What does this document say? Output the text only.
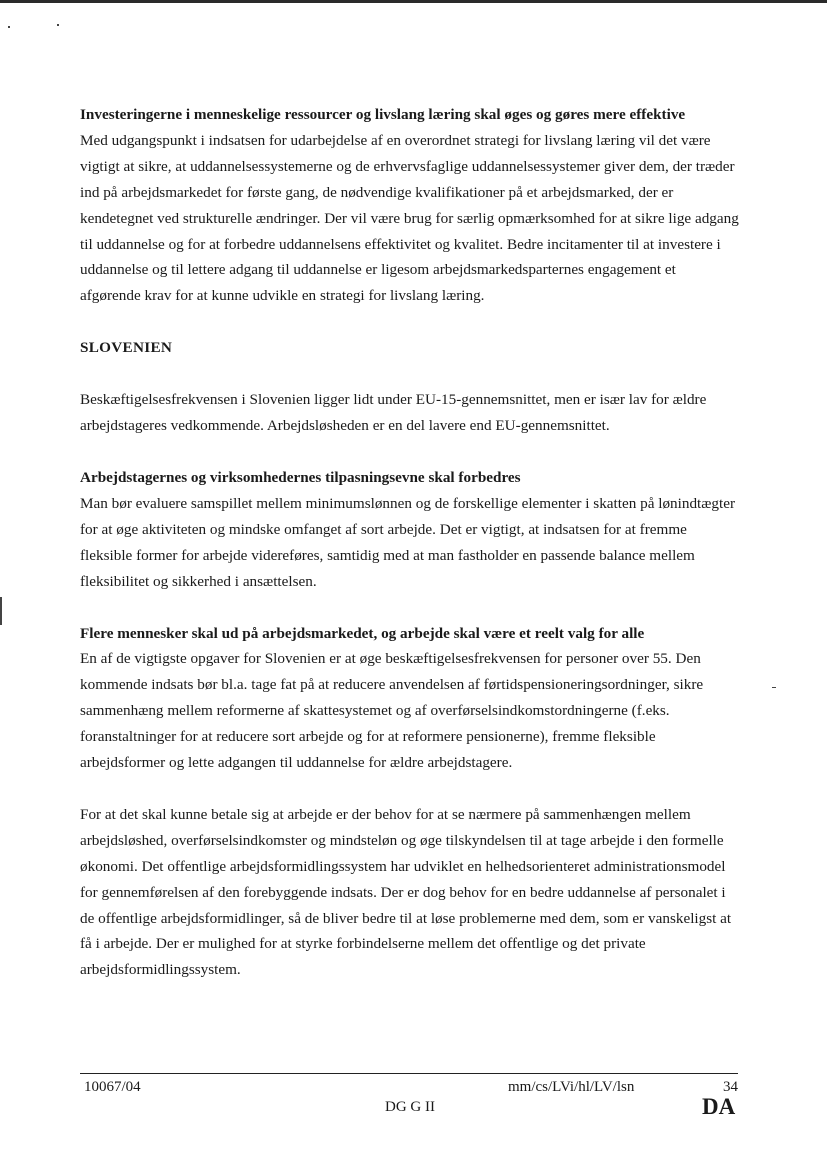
Investeringerne i menneskelige ressourcer og livslang læring skal øges og gøres mere effektive

Med udgangspunkt i indsatsen for udarbejdelse af en overordnet strategi for livslang læring vil det være vigtigt at sikre, at uddannelsessystemerne og de erhvervsfaglige uddannelsessystemer giver dem, der træder ind på arbejdsmarkedet for første gang, de nødvendige kvalifikationer på et arbejdsmarked, der er kendetegnet ved strukturelle ændringer. Der vil være brug for særlig opmærksomhed for at sikre lige adgang til uddannelse og for at forbedre uddannelsens effektivitet og kvalitet. Bedre incitamenter til at investere i uddannelse og til lettere adgang til uddannelse er ligesom arbejdsmarkedsparternes engagement et afgørende krav for at kunne udvikle en strategi for livslang læring.

SLOVENIEN

Beskæftigelsesfrekvensen i Slovenien ligger lidt under EU-15-gennemsnittet, men er især lav for ældre arbejdstageres vedkommende. Arbejdsløsheden er en del lavere end EU-gennemsnittet.

Arbejdstagernes og virksomhedernes tilpasningsevne skal forbedres

Man bør evaluere samspillet mellem minimumslønnen og de forskellige elementer i skatten på lønindtægter for at øge aktiviteten og mindske omfanget af sort arbejde. Det er vigtigt, at indsatsen for at fremme fleksible former for arbejde videreføres, samtidig med at man fastholder en passende balance mellem fleksibilitet og sikkerhed i ansættelsen.

Flere mennesker skal ud på arbejdsmarkedet, og arbejde skal være et reelt valg for alle

En af de vigtigste opgaver for Slovenien er at øge beskæftigelsesfrekvensen for personer over 55. Den kommende indsats bør bl.a. tage fat på at reducere anvendelsen af førtidspensioneringsordninger, sikre sammenhæng mellem reformerne af skattesystemet og af overførselsindkomstordningerne (f.eks. foranstaltninger for at reducere sort arbejde og for at reformere pensionerne), fremme fleksible arbejdsformer og lette adgangen til uddannelse for ældre arbejdstagere.

For at det skal kunne betale sig at arbejde er der behov for at se nærmere på sammenhængen mellem arbejdsløshed, overførselsindkomster og mindsteløn og øge tilskyndelsen til at tage arbejde i den formelle økonomi. Det offentlige arbejdsformidlingssystem har udviklet en helhedsorienteret administrationsmodel for gennemførelsen af den forebyggende indsats. Der er dog behov for en bedre uddannelse af personalet i de offentlige arbejdsformidlinger, så de bliver bedre til at løse problemerne med dem, som er vanskeligst at få i arbejde. Der er mulighed for at styrke forbindelserne mellem det offentlige og det private arbejdsformidlingssystem.

10067/04	mm/cs/LVi/hl/LV/lsn	34
DG G II	DA
